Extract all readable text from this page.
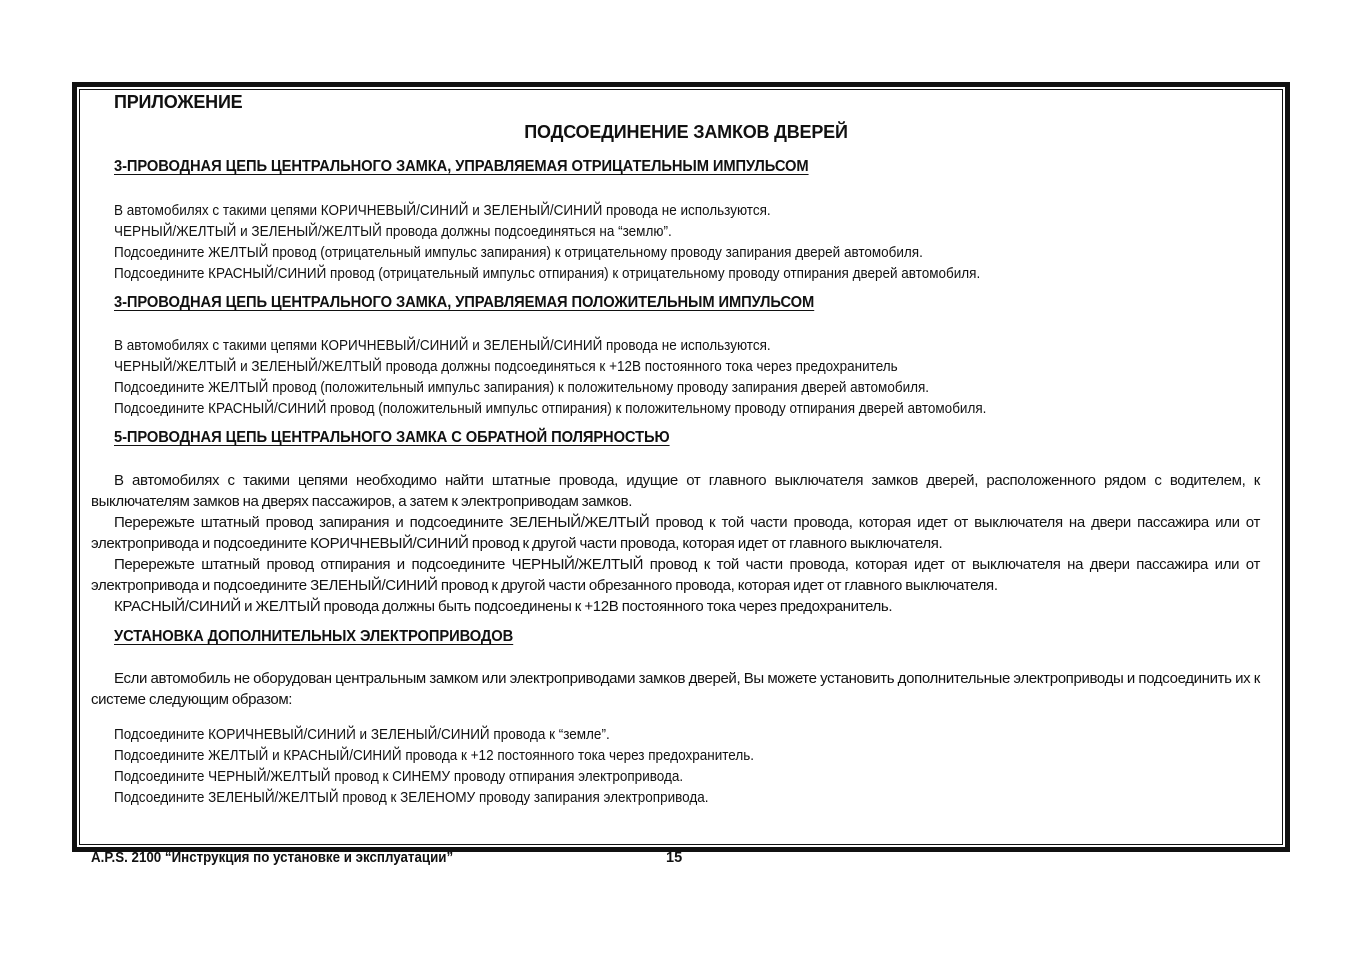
ПРИЛОЖЕНИЕ
ПОДСОЕДИНЕНИЕ ЗАМКОВ ДВЕРЕЙ
3-ПРОВОДНАЯ ЦЕПЬ ЦЕНТРАЛЬНОГО ЗАМКА, УПРАВЛЯЕМАЯ ОТРИЦАТЕЛЬНЫМ ИМПУЛЬСОМ
В автомобилях с такими цепями КОРИЧНЕВЫЙ/СИНИЙ и ЗЕЛЕНЫЙ/СИНИЙ провода не используются.
ЧЕРНЫЙ/ЖЕЛТЫЙ и ЗЕЛЕНЫЙ/ЖЕЛТЫЙ провода должны подсоединяться на “землю”.
Подсоедините ЖЕЛТЫЙ провод (отрицательный импульс запирания) к отрицательному проводу запирания дверей автомобиля.
Подсоедините КРАСНЫЙ/СИНИЙ провод (отрицательный импульс отпирания) к отрицательному проводу отпирания дверей автомобиля.
3-ПРОВОДНАЯ ЦЕПЬ ЦЕНТРАЛЬНОГО ЗАМКА, УПРАВЛЯЕМАЯ ПОЛОЖИТЕЛЬНЫМ ИМПУЛЬСОМ
В автомобилях с такими цепями КОРИЧНЕВЫЙ/СИНИЙ и ЗЕЛЕНЫЙ/СИНИЙ провода не используются.
ЧЕРНЫЙ/ЖЕЛТЫЙ и ЗЕЛЕНЫЙ/ЖЕЛТЫЙ провода должны подсоединяться к +12В постоянного тока через предохранитель
Подсоедините ЖЕЛТЫЙ провод (положительный импульс запирания) к положительному проводу запирания дверей автомобиля.
Подсоедините КРАСНЫЙ/СИНИЙ провод (положительный импульс отпирания) к положительному проводу отпирания дверей автомобиля.
5-ПРОВОДНАЯ ЦЕПЬ ЦЕНТРАЛЬНОГО ЗАМКА С ОБРАТНОЙ ПОЛЯРНОСТЬЮ
В автомобилях с такими цепями необходимо найти штатные провода, идущие от главного выключателя замков дверей, расположенного рядом с водителем, к выключателям замков на дверях пассажиров, а затем к электроприводам замков.
Перережьте штатный провод запирания и подсоедините ЗЕЛЕНЫЙ/ЖЕЛТЫЙ провод к той части провода, которая идет от выключателя на двери пассажира или от электропривода и подсоедините КОРИЧНЕВЫЙ/СИНИЙ провод к другой части провода, которая идет от главного выключателя.
Перережьте штатный провод отпирания и подсоедините ЧЕРНЫЙ/ЖЕЛТЫЙ провод к той части провода, которая идет от выключателя на двери пассажира или от электропривода и подсоедините ЗЕЛЕНЫЙ/СИНИЙ провод к другой части обрезанного провода, которая идет от главного выключателя.
КРАСНЫЙ/СИНИЙ и ЖЕЛТЫЙ провода должны быть подсоединены к +12В постоянного тока через предохранитель.
УСТАНОВКА ДОПОЛНИТЕЛЬНЫХ ЭЛЕКТРОПРИВОДОВ
Если автомобиль не оборудован центральным замком или электроприводами замков дверей, Вы можете установить дополнительные электроприводы и подсоединить их к системе следующим образом:
Подсоедините КОРИЧНЕВЫЙ/СИНИЙ и ЗЕЛЕНЫЙ/СИНИЙ провода к “земле”.
Подсоедините ЖЕЛТЫЙ и КРАСНЫЙ/СИНИЙ провода к +12 постоянного тока через предохранитель.
Подсоедините ЧЕРНЫЙ/ЖЕЛТЫЙ провод к СИНЕМУ проводу отпирания электропривода.
Подсоедините ЗЕЛЕНЫЙ/ЖЕЛТЫЙ провод к ЗЕЛЕНОМУ проводу запирания электропривода.
A.P.S. 2100 “Инструкция по установке и эксплуатации”	15
